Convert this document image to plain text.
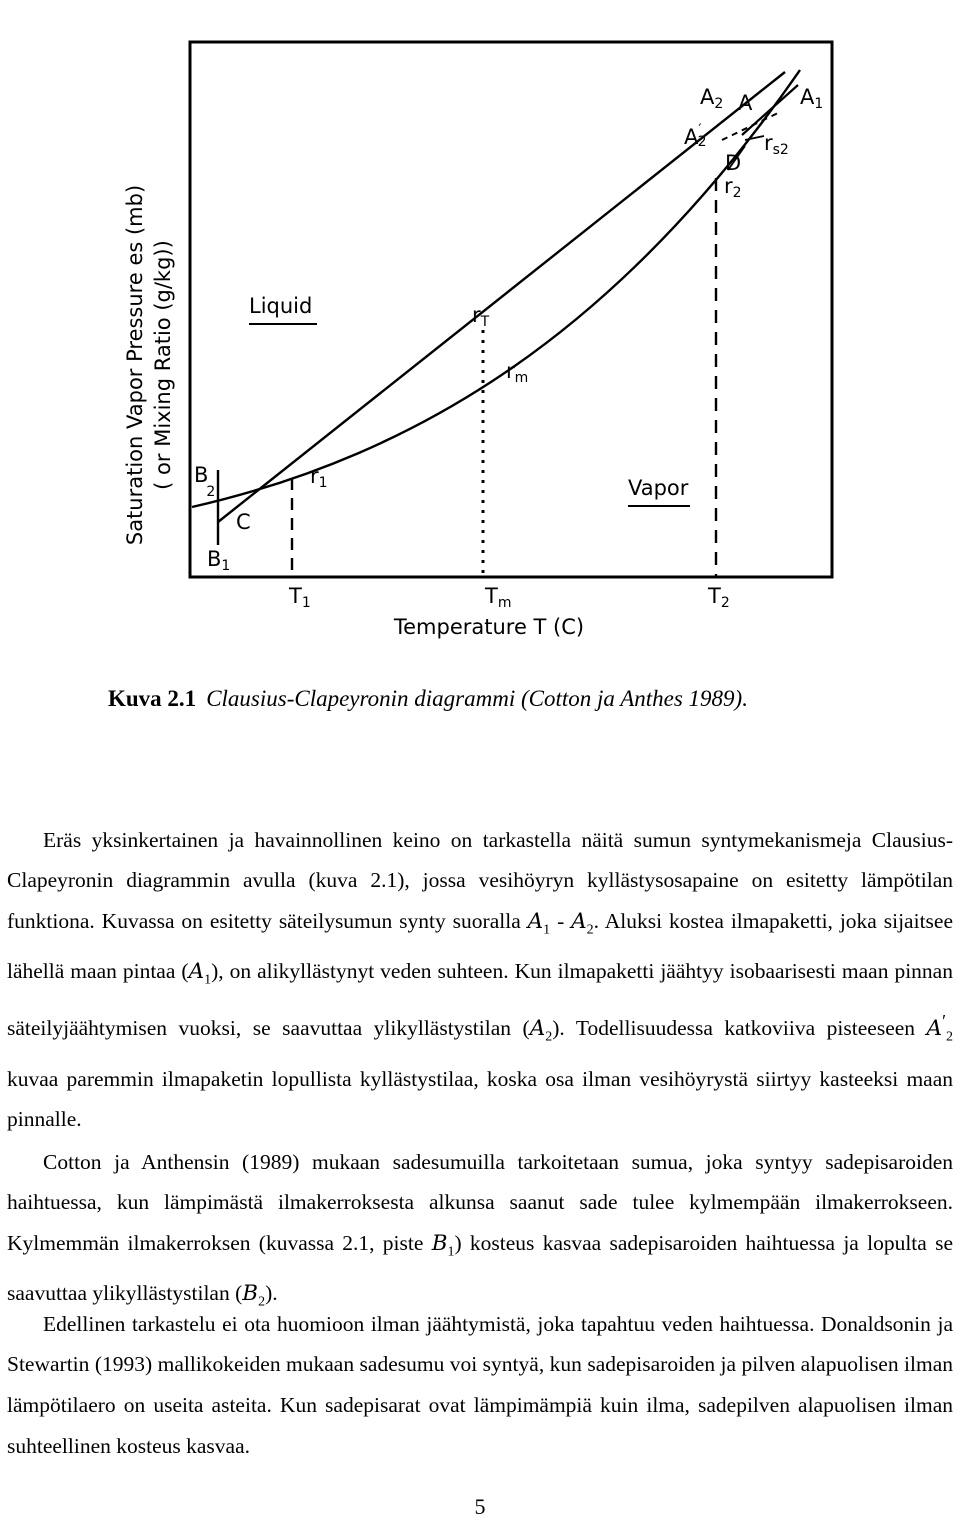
Saturation Vapor Pressure es (mb) ( or Mixing Ratio (g/kg))
Temperature T (C)
Liquid
Vapor
A2 A A1
A′ 2	rs2
D
r2
rT
rm
r1
B 2
C
B1
T1	Tm	T2
Kuva 2.1 Clausius-Clapeyronin diagrammi (Cotton ja Anthes 1989).

Eräs yksinkertainen ja havainnollinen keino on tarkastella näitä sumun syntymekanismeja Clausius-Clapeyronin diagrammin avulla (kuva 2.1), jossa vesihöyryn kyllästysosapaine on esitetty lämpötilan funktiona. Kuvassa on esitetty säteilysumun synty suoralla $A_1 - A_2$. Aluksi kostea ilmapaketti, joka sijaitsee lähellä maan pintaa $(A_1)$, on alikyllästynyt veden suhteen. Kun ilmapaketti jäähtyy isobaarisesti maan pinnan säteilyjäähtymisen vuoksi, se saavuttaa ylikyllästystilan $(A_2)$. Todellisuudessa katkoviiva pisteeseen $A'_2$ kuvaa paremmin ilmapaketin lopullista kyllästystilaa, koska osa ilman vesihöyrystä siirtyy kasteeksi maan pinnalle.

Cotton ja Anthensin (1989) mukaan sadesumuilla tarkoitetaan sumua, joka syntyy sadepisaroiden haihtuessa, kun lämpimästä ilmakerroksesta alkunsa saanut sade tulee kylmempään ilmakerrokseen. Kylmemmän ilmakerroksen (kuvassa 2.1, piste $B_1$) kosteus kasvaa sadepisaroiden haihtuessa ja lopulta se saavuttaa ylikyllästystilan $(B_2)$.

Edellinen tarkastelu ei ota huomioon ilman jäähtymistä, joka tapahtuu veden haihtuessa. Donaldsonin ja Stewartin (1993) mallikokeiden mukaan sadesumu voi syntyä, kun sadepisaroiden ja pilven alapuolisen ilman lämpötilaero on useita asteita. Kun sadepisarat ovat lämpimämpiä kuin ilma, sadepilven alapuolisen ilman suhteellinen kosteus kasvaa.

5
